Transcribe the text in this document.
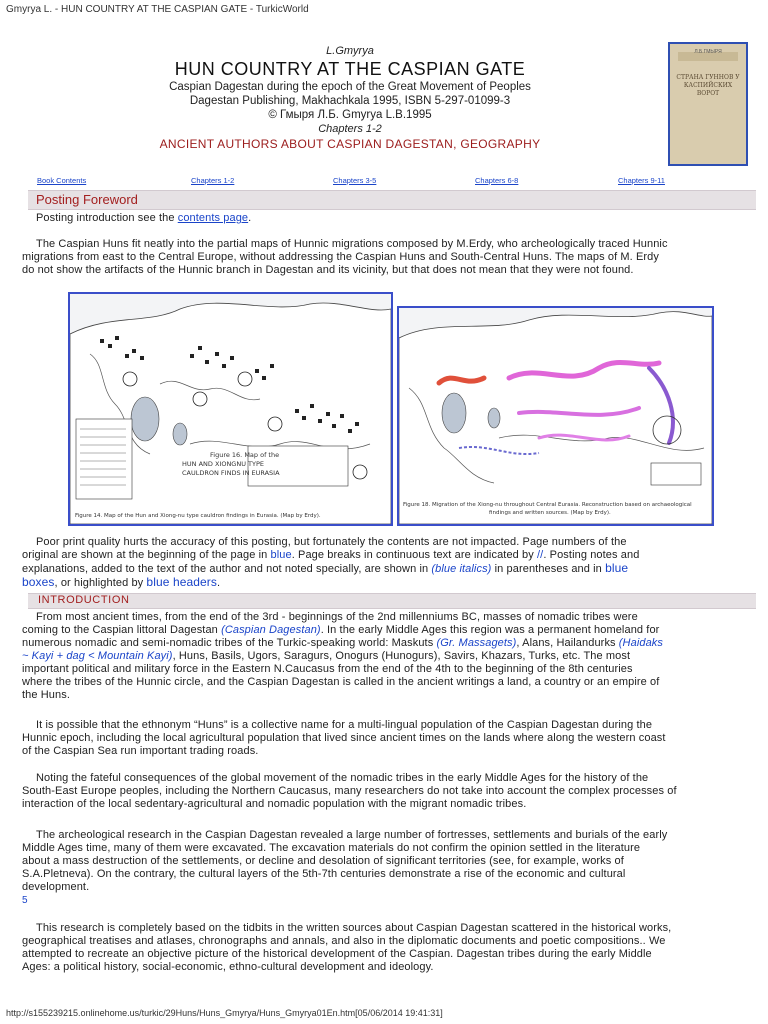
Gmyrya L. - HUN COUNTRY AT THE CASPIAN GATE - TurkicWorld
L.Gmyrya
HUN COUNTRY AT THE CASPIAN GATE
Caspian Dagestan during the epoch of the Great Movement of Peoples
Dagestan Publishing, Makhachkala 1995, ISBN 5-297-01099-3
© Гмыря Л.Б. Gmyrya L.B.1995
Chapters 1-2
ANCIENT AUTHORS ABOUT CASPIAN DAGESTAN, GEOGRAPHY
Л.Б.ГМЫРЯ
СТРАНА ГУННОВ У КАСПИЙСКИХ ВОРОТ
Book Contents	Chapters 1-2	Chapters 3-5	Chapters 6-8	Chapters 9-11
Posting Foreword
Posting introduction see the contents page.
The Caspian Huns fit neatly into the partial maps of Hunnic migrations composed by M.Erdy, who archeologically traced Hunnic
migrations from east to the Central Europe, without addressing the Caspian Huns and South-Central Huns. The maps of M. Erdy
do not show the artifacts of the Hunnic branch in Dagestan and its vicinity, but that does not mean that they were not found.
Figure 16. Map of the
HUN AND XIONGNU TYPE
CAULDRON FINDS IN EURASIA
Figure 14. Map of the Hun and Xiong-nu type cauldron findings in Eurasia. (Map by Erdy).
Figure 18. Migration of the Xiong-nu throughout Central Eurasia. Reconstruction based on archaeological
findings and written sources. (Map by Erdy).
Poor print quality hurts the accuracy of this posting, but fortunately the contents are not impacted. Page numbers of the
original are shown at the beginning of the page in blue. Page breaks in continuous text are indicated by //. Posting notes and
explanations, added to the text of the author and not noted specially, are shown in (blue italics) in parentheses and in blue
boxes, or highlighted by blue headers.
INTRODUCTION
From most ancient times, from the end of the 3rd - beginnings of the 2nd millenniums BC, masses of nomadic tribes were
coming to the Caspian littoral Dagestan (Caspian Dagestan). In the early Middle Ages this region was a permanent homeland for
numerous nomadic and semi-nomadic tribes of the Turkic-speaking world: Maskuts (Gr. Massagets), Alans, Hailandurks (Haidaks
~ Kayi + dag < Mountain Kayi), Huns, Basils, Ugors, Saragurs, Onogurs (Hunogurs), Savirs, Khazars, Turks, etc. The most
important political and military force in the Eastern N.Caucasus from the end of the 4th to the beginning of the 8th centuries
where the tribes of the Hunnic circle, and the Caspian Dagestan is called in the ancient writings a land, a country or an empire of
the Huns.
It is possible that the ethnonym “Huns” is a collective name for a multi-lingual population of the Caspian Dagestan during the
Hunnic epoch, including the local agricultural population that lived since ancient times on the lands where along the western coast
of the Caspian Sea run important trading roads.
Noting the fateful consequences of the global movement of the nomadic tribes in the early Middle Ages for the history of the
South-East Europe peoples, including the Northern Caucasus, many researchers do not take into account the complex processes of
interaction of the local sedentary-agricultural and nomadic population with the migrant nomadic tribes.
The archeological research in the Caspian Dagestan revealed a large number of fortresses, settlements and burials of the early
Middle Ages time, many of them were excavated. The excavation materials do not confirm the opinion settled in the literature
about a mass destruction of the settlements, or decline and desolation of significant territories (see, for example, works of
S.A.Pletneva). On the contrary, the cultural layers of the 5th-7th centuries demonstrate a rise of the economic and cultural
development.
5
This research is completely based on the tidbits in the written sources about Caspian Dagestan scattered in the historical works,
geographical treatises and atlases, chronographs and annals, and also in the diplomatic documents and poetic compositions.. We
attempted to recreate an objective picture of the historical development of the Caspian. Dagestan tribes during the early Middle
Ages: a political history, social-economic, ethno-cultural development and ideology.
http://s155239215.onlinehome.us/turkic/29Huns/Huns_Gmyrya/Huns_Gmyrya01En.htm[05/06/2014 19:41:31]
